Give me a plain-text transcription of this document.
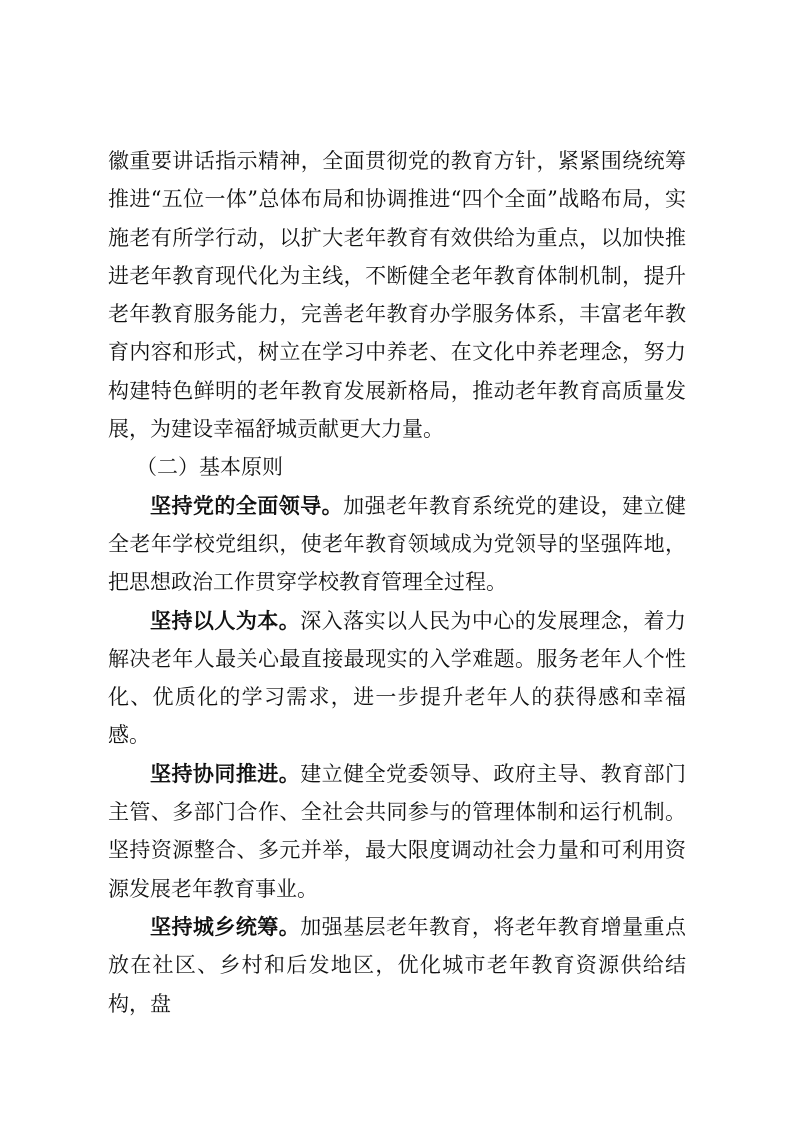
徽重要讲话指示精神，全面贯彻党的教育方针，紧紧围绕统筹推进“五位一体”总体布局和协调推进“四个全面”战略布局，实施老有所学行动，以扩大老年教育有效供给为重点，以加快推进老年教育现代化为主线，不断健全老年教育体制机制，提升老年教育服务能力，完善老年教育办学服务体系，丰富老年教育内容和形式，树立在学习中养老、在文化中养老理念，努力构建特色鲜明的老年教育发展新格局，推动老年教育高质量发展，为建设幸福舒城贡献更大力量。

（二）基本原则

坚持党的全面领导。加强老年教育系统党的建设，建立健全老年学校党组织，使老年教育领域成为党领导的坚强阵地，把思想政治工作贯穿学校教育管理全过程。

坚持以人为本。深入落实以人民为中心的发展理念，着力解决老年人最关心最直接最现实的入学难题。服务老年人个性化、优质化的学习需求，进一步提升老年人的获得感和幸福感。

坚持协同推进。建立健全党委领导、政府主导、教育部门主管、多部门合作、全社会共同参与的管理体制和运行机制。坚持资源整合、多元并举，最大限度调动社会力量和可利用资源发展老年教育事业。

坚持城乡统筹。加强基层老年教育，将老年教育增量重点放在社区、乡村和后发地区，优化城市老年教育资源供给结构，盘
